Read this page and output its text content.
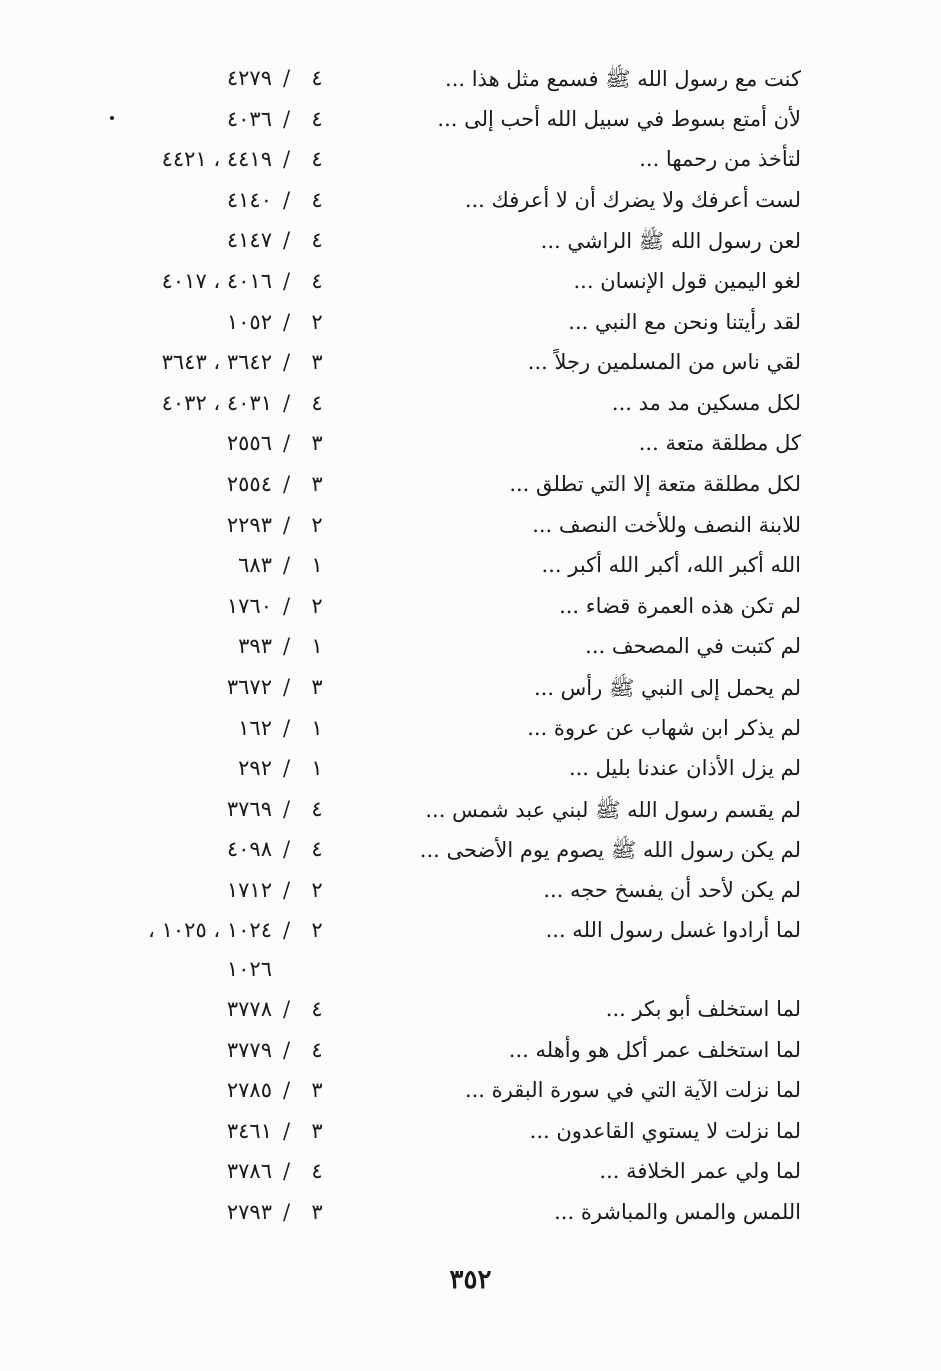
كنت مع رسول الله ﷺ فسمع مثل هذا ...
٤
/
٤٢٧٩
لأن أمتع بسوط في سبيل الله أحب إلى ...
٤
/
٤٠٣٦
لتأخذ من رحمها ...
٤
/
٤٤١٩ ، ٤٤٢١
لست أعرفك ولا يضرك أن لا أعرفك ...
٤
/
٤١٤٠
لعن رسول الله ﷺ الراشي ...
٤
/
٤١٤٧
لغو اليمين قول الإنسان ...
٤
/
٤٠١٦ ، ٤٠١٧
لقد رأيتنا ونحن مع النبي ...
٢
/
١٠٥٢
لقي ناس من المسلمين رجلاً ...
٣
/
٣٦٤٢ ، ٣٦٤٣
لكل مسكين مد مد ...
٤
/
٤٠٣١ ، ٤٠٣٢
كل مطلقة متعة ...
٣
/
٢٥٥٦
لكل مطلقة متعة إلا التي تطلق ...
٣
/
٢٥٥٤
للابنة النصف وللأخت النصف ...
٢
/
٢٢٩٣
الله أكبر الله، أكبر الله أكبر ...
١
/
٦٨٣
لم تكن هذه العمرة قضاء ...
٢
/
١٧٦٠
لم كتبت في المصحف ...
١
/
٣٩٣
لم يحمل إلى النبي ﷺ رأس ...
٣
/
٣٦٧٢
لم يذكر ابن شهاب عن عروة ...
١
/
١٦٢
لم يزل الأذان عندنا بليل ...
١
/
٢٩٢
لم يقسم رسول الله ﷺ لبني عبد شمس ...
٤
/
٣٧٦٩
لم يكن رسول الله ﷺ يصوم يوم الأضحى ...
٤
/
٤٠٩٨
لم يكن لأحد أن يفسخ حجه ...
٢
/
١٧١٢
لما أرادوا غسل رسول الله ...
٢
/
١٠٢٤ ، ١٠٢٥ ،
١٠٢٦
لما استخلف أبو بكر ...
٤
/
٣٧٧٨
لما استخلف عمر أكل هو وأهله ...
٤
/
٣٧٧٩
لما نزلت الآية التي في سورة البقرة ...
٣
/
٢٧٨٥
لما نزلت لا يستوي القاعدون ...
٣
/
٣٤٦١
لما ولي عمر الخلافة ...
٤
/
٣٧٨٦
اللمس والمس والمباشرة ...
٣
/
٢٧٩٣
٣٥٢
